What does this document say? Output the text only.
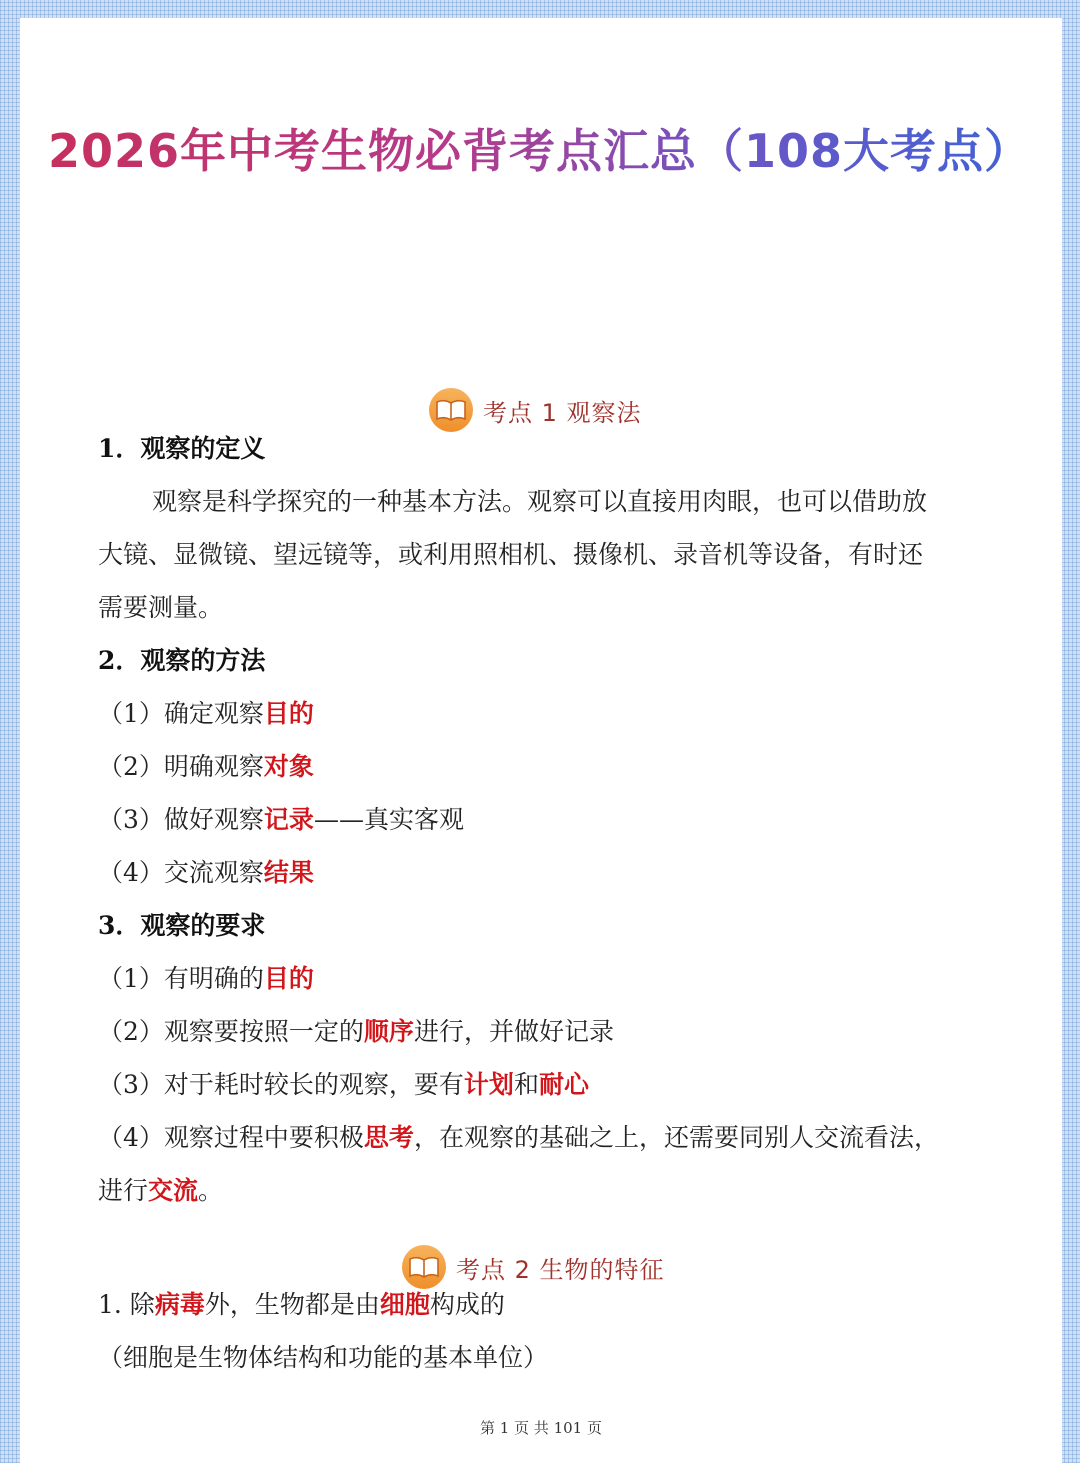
2026年中考生物必背考点汇总（108大考点）
考点 1 观察法
1．观察的定义
观察是科学探究的一种基本方法。观察可以直接用肉眼，也可以借助放
大镜、显微镜、望远镜等，或利用照相机、摄像机、录音机等设备，有时还
需要测量。
2．观察的方法
（1）确定观察目的
（2）明确观察对象
（3）做好观察记录——真实客观
（4）交流观察结果
3．观察的要求
（1）有明确的目的
（2）观察要按照一定的顺序进行，并做好记录
（3）对于耗时较长的观察，要有计划和耐心
（4）观察过程中要积极思考，在观察的基础之上，还需要同别人交流看法，
进行交流。
考点 2 生物的特征
1. 除病毒外，生物都是由细胞构成的
（细胞是生物体结构和功能的基本单位）
第 1 页 共 101 页
